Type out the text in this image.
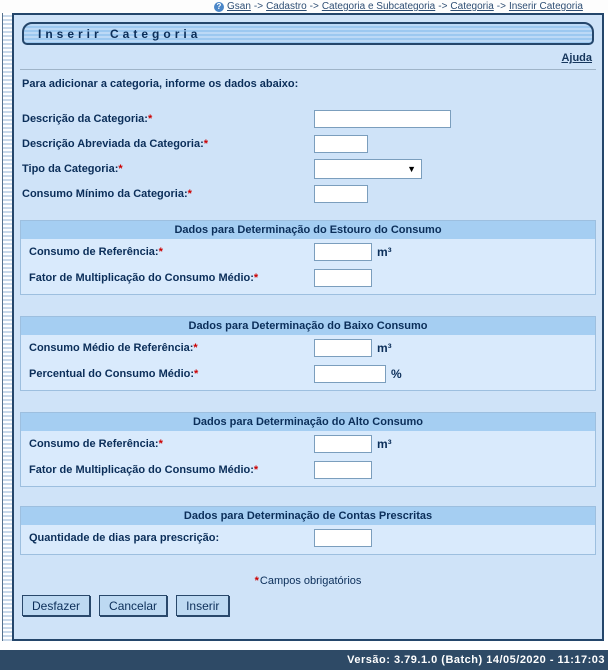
? Gsan -> Cadastro -> Categoria e Subcategoria -> Categoria -> Inserir Categoria
Inserir Categoria
Ajuda
Para adicionar a categoria, informe os dados abaixo:
Descrição da Categoria:*
Descrição Abreviada da Categoria:*
Tipo da Categoria:*	▼
Consumo Mínimo da Categoria:*
Dados para Determinação do Estouro do Consumo
Consumo de Referência:*	m³
Fator de Multiplicação do Consumo Médio:*
Dados para Determinação do Baixo Consumo
Consumo Médio de Referência:*	m³
Percentual do Consumo Médio:*	%
Dados para Determinação do Alto Consumo
Consumo de Referência:*	m³
Fator de Multiplicação do Consumo Médio:*
Dados para Determinação de Contas Prescritas
Quantidade de dias para prescrição:
*Campos obrigatórios
Desfazer	Cancelar	Inserir
Versão: 3.79.1.0 (Batch) 14/05/2020 - 11:17:03
